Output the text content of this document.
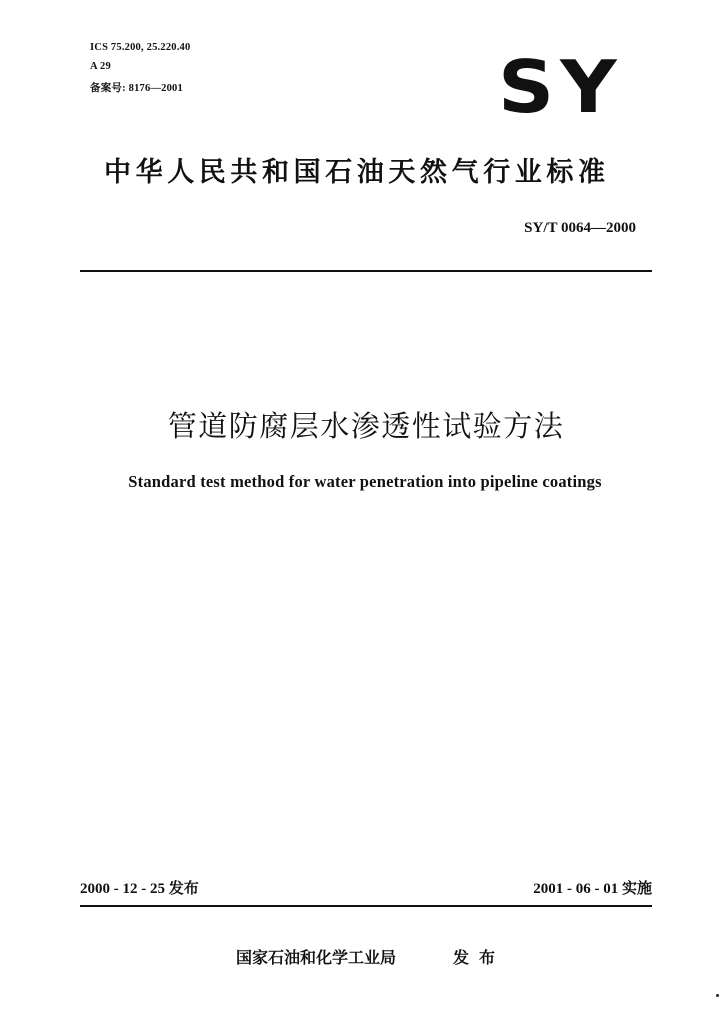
ICS 75.200, 25.220.40
A 29
备案号: 8176—2001	SY
中华人民共和国石油天然气行业标准
SY/T 0064—2000
管道防腐层水渗透性试验方法
Standard test method for water penetration into pipeline coatings
2000 - 12 - 25 发布	2001 - 06 - 01 实施
国家石油和化学工业局	发布
